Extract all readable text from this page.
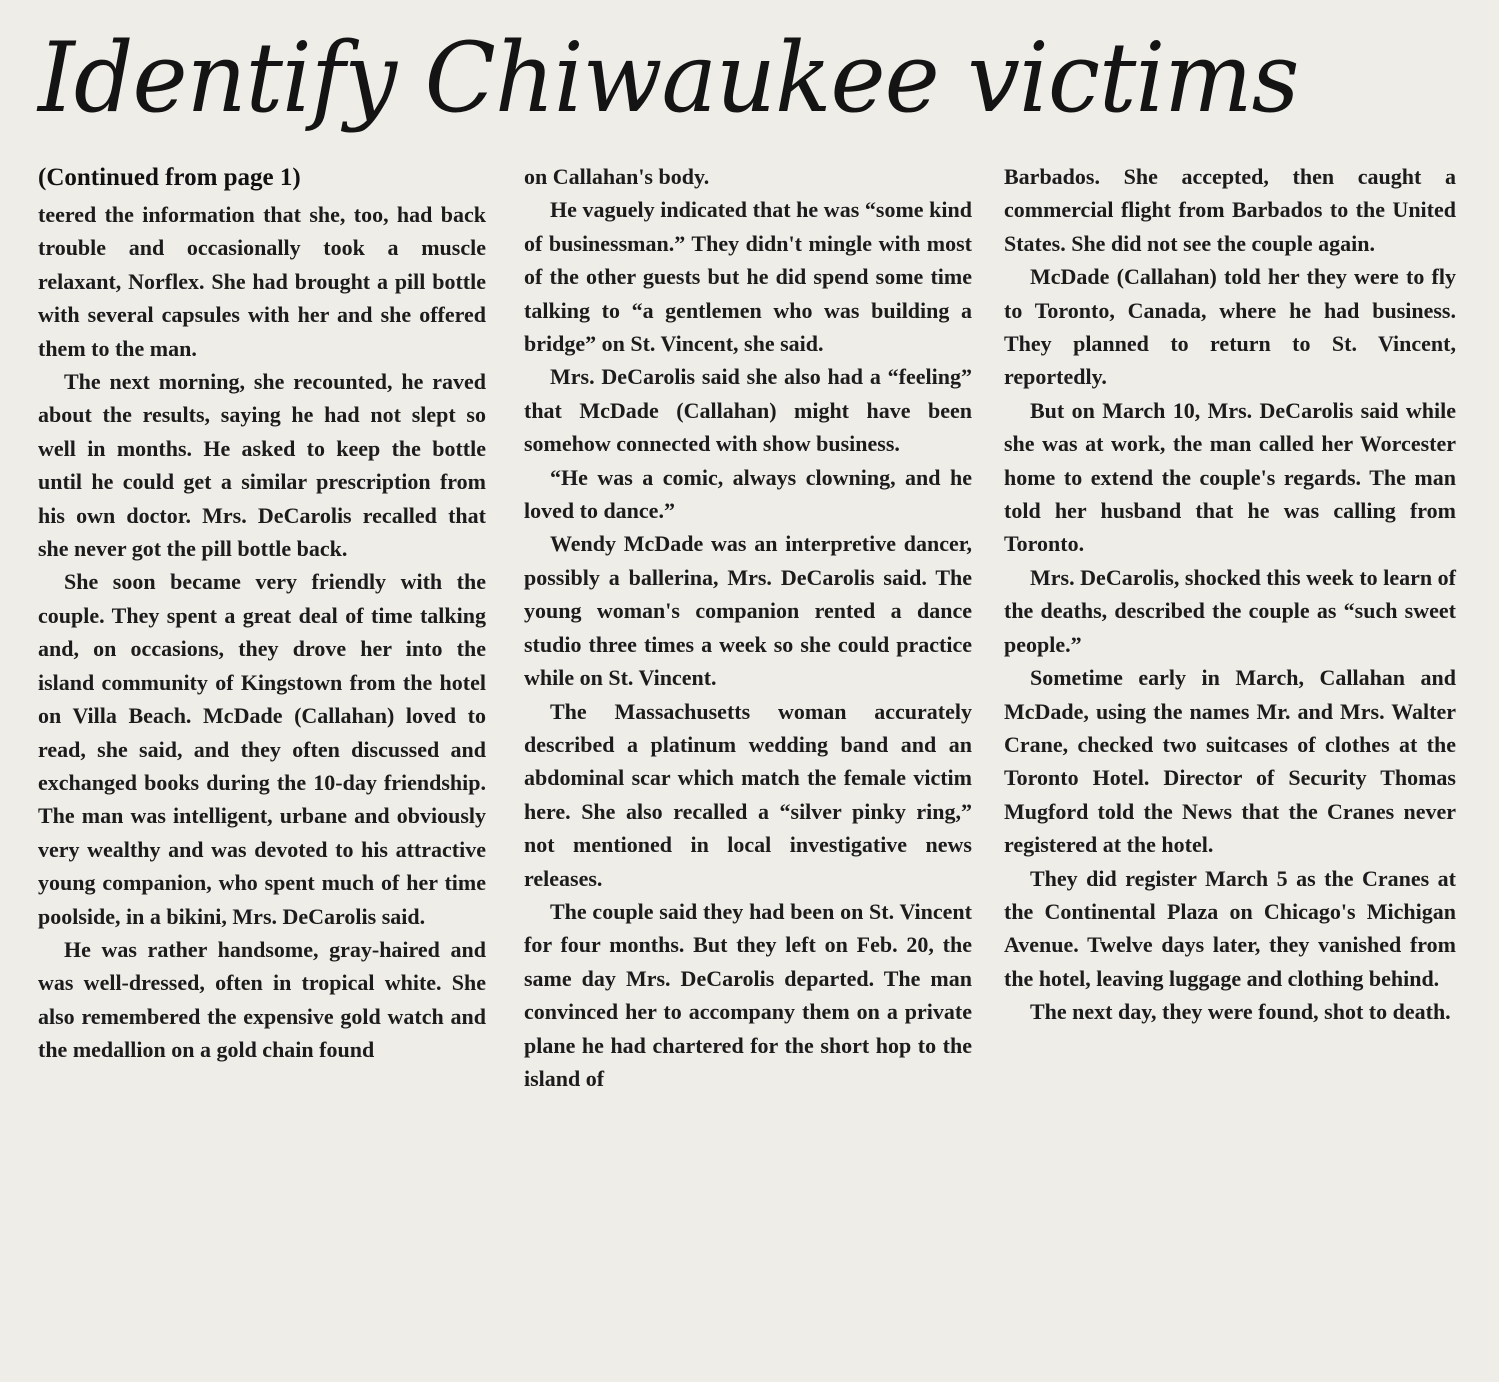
Identify Chiwaukee victims
(Continued from page 1)

teered the information that she, too, had back trouble and occasionally took a muscle relaxant, Norflex. She had brought a pill bottle with several capsules with her and she offered them to the man.

The next morning, she recounted, he raved about the results, saying he had not slept so well in months. He asked to keep the bottle until he could get a similar prescription from his own doctor. Mrs. DeCarolis recalled that she never got the pill bottle back.

She soon became very friendly with the couple. They spent a great deal of time talking and, on occasions, they drove her into the island community of Kingstown from the hotel on Villa Beach. McDade (Callahan) loved to read, she said, and they often discussed and exchanged books during the 10-day friendship. The man was intelligent, urbane and obviously very wealthy and was devoted to his attractive young companion, who spent much of her time poolside, in a bikini, Mrs. DeCarolis said.

He was rather handsome, gray-haired and was well-dressed, often in tropical white. She also remembered the expensive gold watch and the medallion on a gold chain found

on Callahan's body.

He vaguely indicated that he was “some kind of businessman.” They didn't mingle with most of the other guests but he did spend some time talking to “a gentlemen who was building a bridge” on St. Vincent, she said.

Mrs. DeCarolis said she also had a “feeling” that McDade (Callahan) might have been somehow connected with show business.

“He was a comic, always clowning, and he loved to dance.”

Wendy McDade was an interpretive dancer, possibly a ballerina, Mrs. DeCarolis said. The young woman's companion rented a dance studio three times a week so she could practice while on St. Vincent.

The Massachusetts woman accurately described a platinum wedding band and an abdominal scar which match the female victim here. She also recalled a “silver pinky ring,” not mentioned in local investigative news releases.

The couple said they had been on St. Vincent for four months. But they left on Feb. 20, the same day Mrs. DeCarolis departed. The man convinced her to accompany them on a private plane he had chartered for the short hop to the island of

Barbados. She accepted, then caught a commercial flight from Barbados to the United States. She did not see the couple again.

McDade (Callahan) told her they were to fly to Toronto, Canada, where he had business. They planned to return to St. Vincent, reportedly.

But on March 10, Mrs. DeCarolis said while she was at work, the man called her Worcester home to extend the couple's regards. The man told her husband that he was calling from Toronto.

Mrs. DeCarolis, shocked this week to learn of the deaths, described the couple as “such sweet people.”

Sometime early in March, Callahan and McDade, using the names Mr. and Mrs. Walter Crane, checked two suitcases of clothes at the Toronto Hotel. Director of Security Thomas Mugford told the News that the Cranes never registered at the hotel.

They did register March 5 as the Cranes at the Continental Plaza on Chicago's Michigan Avenue. Twelve days later, they vanished from the hotel, leaving luggage and clothing behind.

The next day, they were found, shot to death.
